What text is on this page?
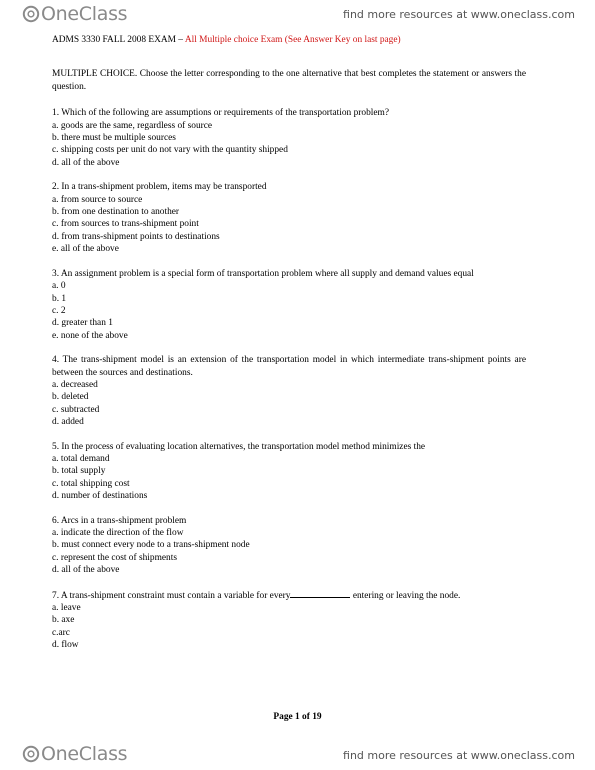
OneClass	find more resources at www.oneclass.com
ADMS 3330 FALL 2008 EXAM – All Multiple choice Exam (See Answer Key on last page)
MULTIPLE CHOICE. Choose the letter corresponding to the one alternative that best completes the statement or answers the question.
1. Which of the following are assumptions or requirements of the transportation problem?
a. goods are the same, regardless of source
b. there must be multiple sources
c. shipping costs per unit do not vary with the quantity shipped
d. all of the above
2. In a trans-shipment problem, items may be transported
a. from source to source
b. from one destination to another
c. from sources to trans-shipment point
d. from trans-shipment points to destinations
e. all of the above
3. An assignment problem is a special form of transportation problem where all supply and demand values equal
a. 0
b. 1
c. 2
d. greater than 1
e. none of the above
4. The trans-shipment model is an extension of the transportation model in which intermediate trans-shipment points are between the sources and destinations.
a. decreased
b. deleted
c. subtracted
d. added
5. In the process of evaluating location alternatives, the transportation model method minimizes the
a. total demand
b. total supply
c. total shipping cost
d. number of destinations
6. Arcs in a trans-shipment problem
a. indicate the direction of the flow
b. must connect every node to a trans-shipment node
c. represent the cost of shipments
d. all of the above
7. A trans-shipment constraint must contain a variable for every	entering or leaving the node.
a. leave
b. axe
c.arc
d. flow
Page 1 of 19
OneClass	find more resources at www.oneclass.com
